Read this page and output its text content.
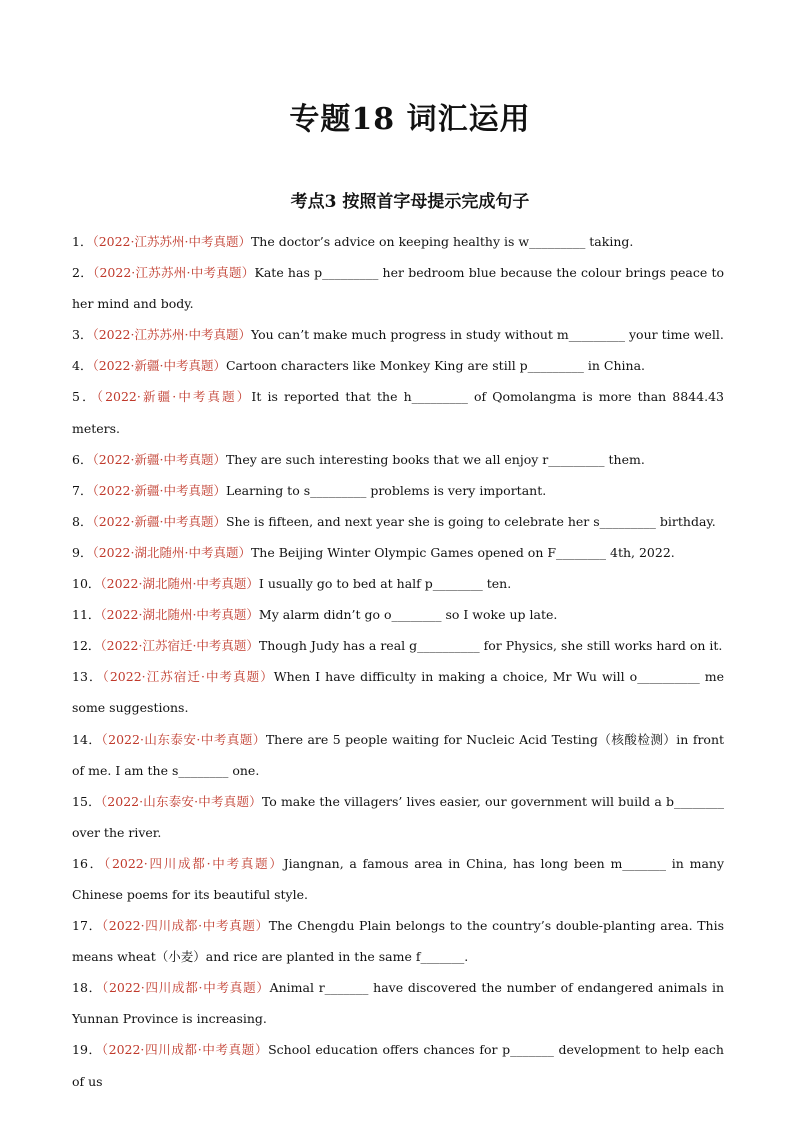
专题18 词汇运用
考点3 按照首字母提示完成句子
1．（2022·江苏苏州·中考真题）The doctor’s advice on keeping healthy is w_________ taking.
2．（2022·江苏苏州·中考真题）Kate has p_________ her bedroom blue because the colour brings peace to her mind and body.
3．（2022·江苏苏州·中考真题）You can’t make much progress in study without m_________ your time well.
4．（2022·新疆·中考真题）Cartoon characters like Monkey King are still p_________ in China.
5．（2022·新疆·中考真题）It is reported that the h_________ of Qomolangma is more than 8844.43 meters.
6．（2022·新疆·中考真题）They are such interesting books that we all enjoy r_________ them.
7．（2022·新疆·中考真题）Learning to s_________ problems is very important.
8．（2022·新疆·中考真题）She is fifteen, and next year she is going to celebrate her s_________ birthday.
9．（2022·湖北随州·中考真题）The Beijing Winter Olympic Games opened on F________ 4th, 2022.
10．（2022·湖北随州·中考真题）I usually go to bed at half p________ ten.
11．（2022·湖北随州·中考真题）My alarm didn’t go o________ so I woke up late.
12．（2022·江苏宿迁·中考真题）Though Judy has a real g__________ for Physics, she still works hard on it.
13．（2022·江苏宿迁·中考真题）When I have difficulty in making a choice, Mr Wu will o__________ me some suggestions.
14．（2022·山东泰安·中考真题）There are 5 people waiting for Nucleic Acid Testing（核酸检测）in front of me. I am the s________ one.
15．（2022·山东泰安·中考真题）To make the villagers’ lives easier, our government will build a b________ over the river.
16．（2022·四川成都·中考真题）Jiangnan, a famous area in China, has long been m_______ in many Chinese poems for its beautiful style.
17．（2022·四川成都·中考真题）The Chengdu Plain belongs to the country’s double-planting area. This means wheat（小麦）and rice are planted in the same f_______.
18．（2022·四川成都·中考真题）Animal r_______ have discovered the number of endangered animals in Yunnan Province is increasing.
19．（2022·四川成都·中考真题）School education offers chances for p_______ development to help each of us
